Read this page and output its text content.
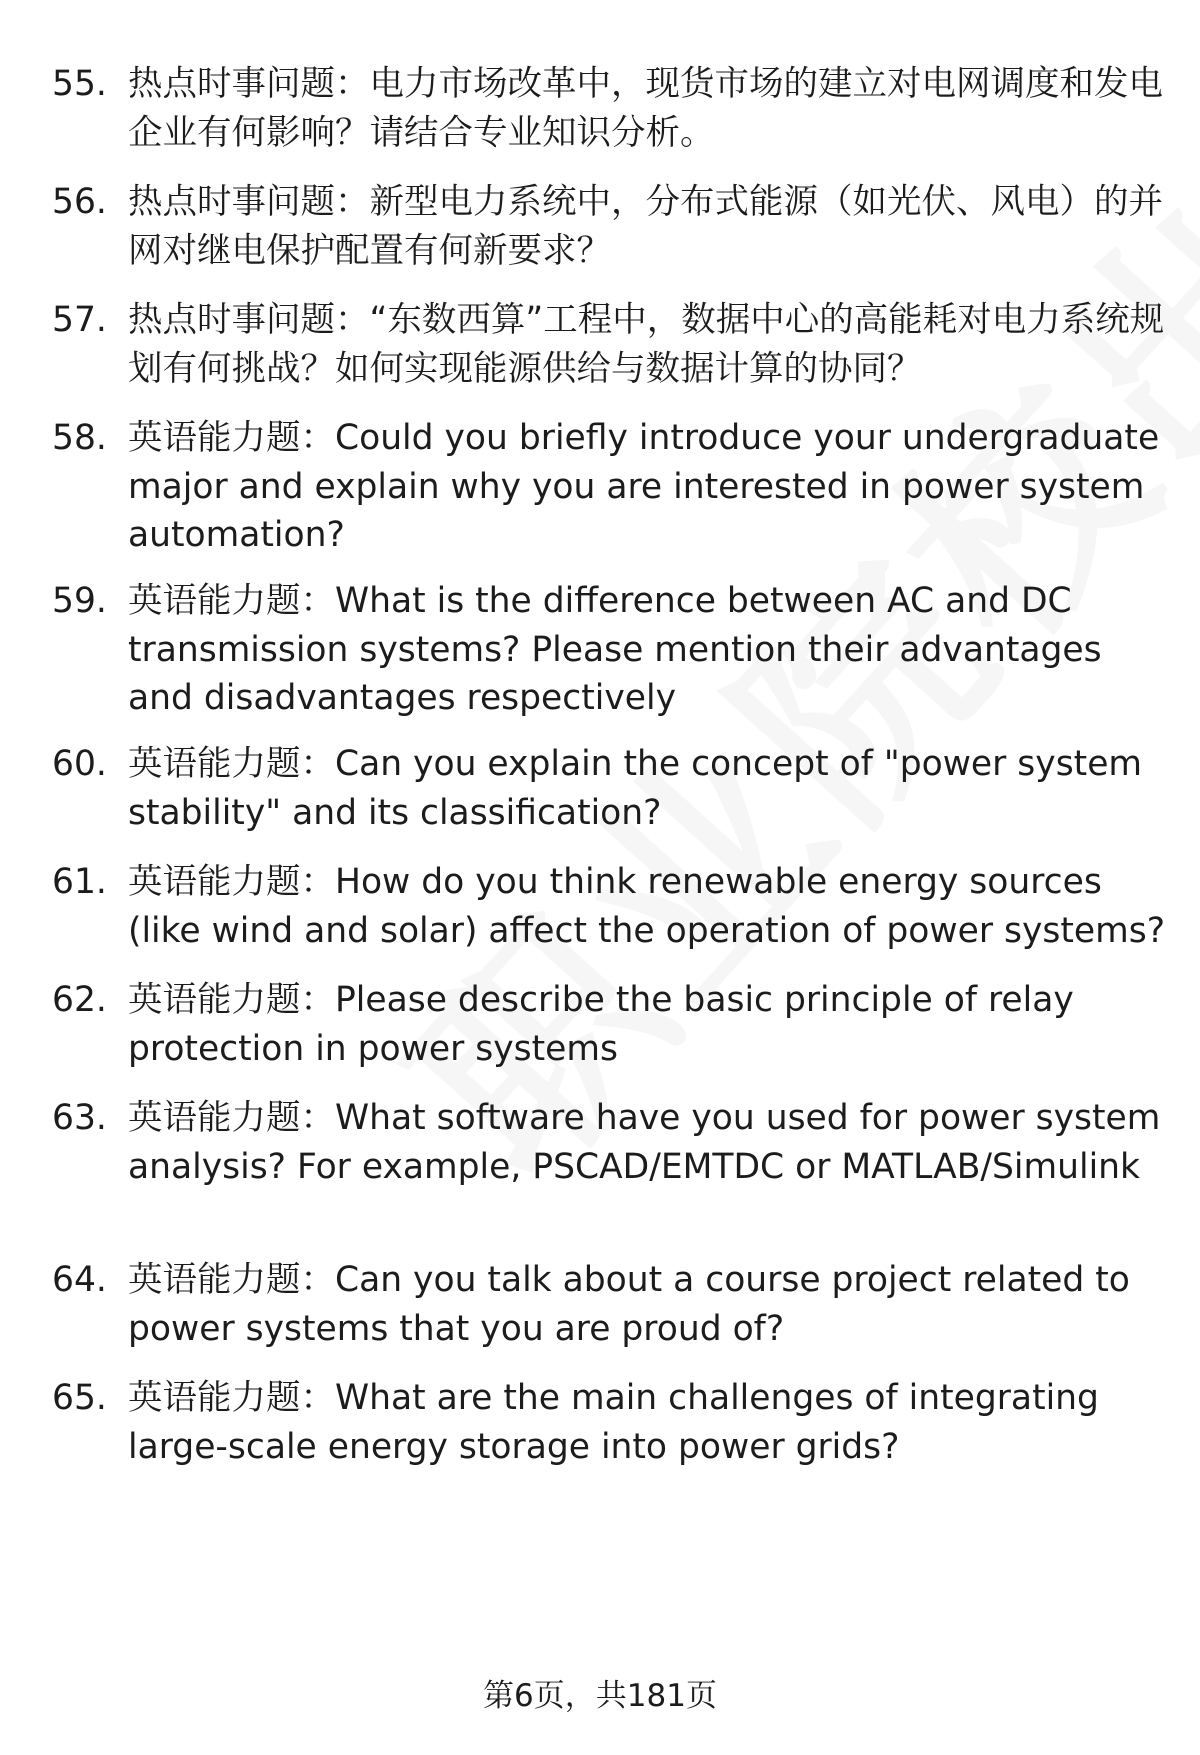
55. 热点时事问题：电力市场改革中，现货市场的建立对电网调度和发电企业有何影响？请结合专业知识分析。
56. 热点时事问题：新型电力系统中，分布式能源（如光伏、风电）的并网对继电保护配置有何新要求？
57. 热点时事问题：“东数西算”工程中，数据中心的高能耗对电力系统规划有何挑战？如何实现能源供给与数据计算的协同？
58. 英语能力题：Could you briefly introduce your undergraduate major and explain why you are interested in power system automation?
59. 英语能力题：What is the difference between AC and DC transmission systems? Please mention their advantages and disadvantages respectively
60. 英语能力题：Can you explain the concept of "power system stability" and its classification?
61. 英语能力题：How do you think renewable energy sources (like wind and solar) affect the operation of power systems?
62. 英语能力题：Please describe the basic principle of relay protection in power systems
63. 英语能力题：What software have you used for power system analysis? For example, PSCAD/EMTDC or MATLAB/Simulink
64. 英语能力题：Can you talk about a course project related to power systems that you are proud of?
65. 英语能力题：What are the main challenges of integrating large-scale energy storage into power grids?
第6页，共181页
